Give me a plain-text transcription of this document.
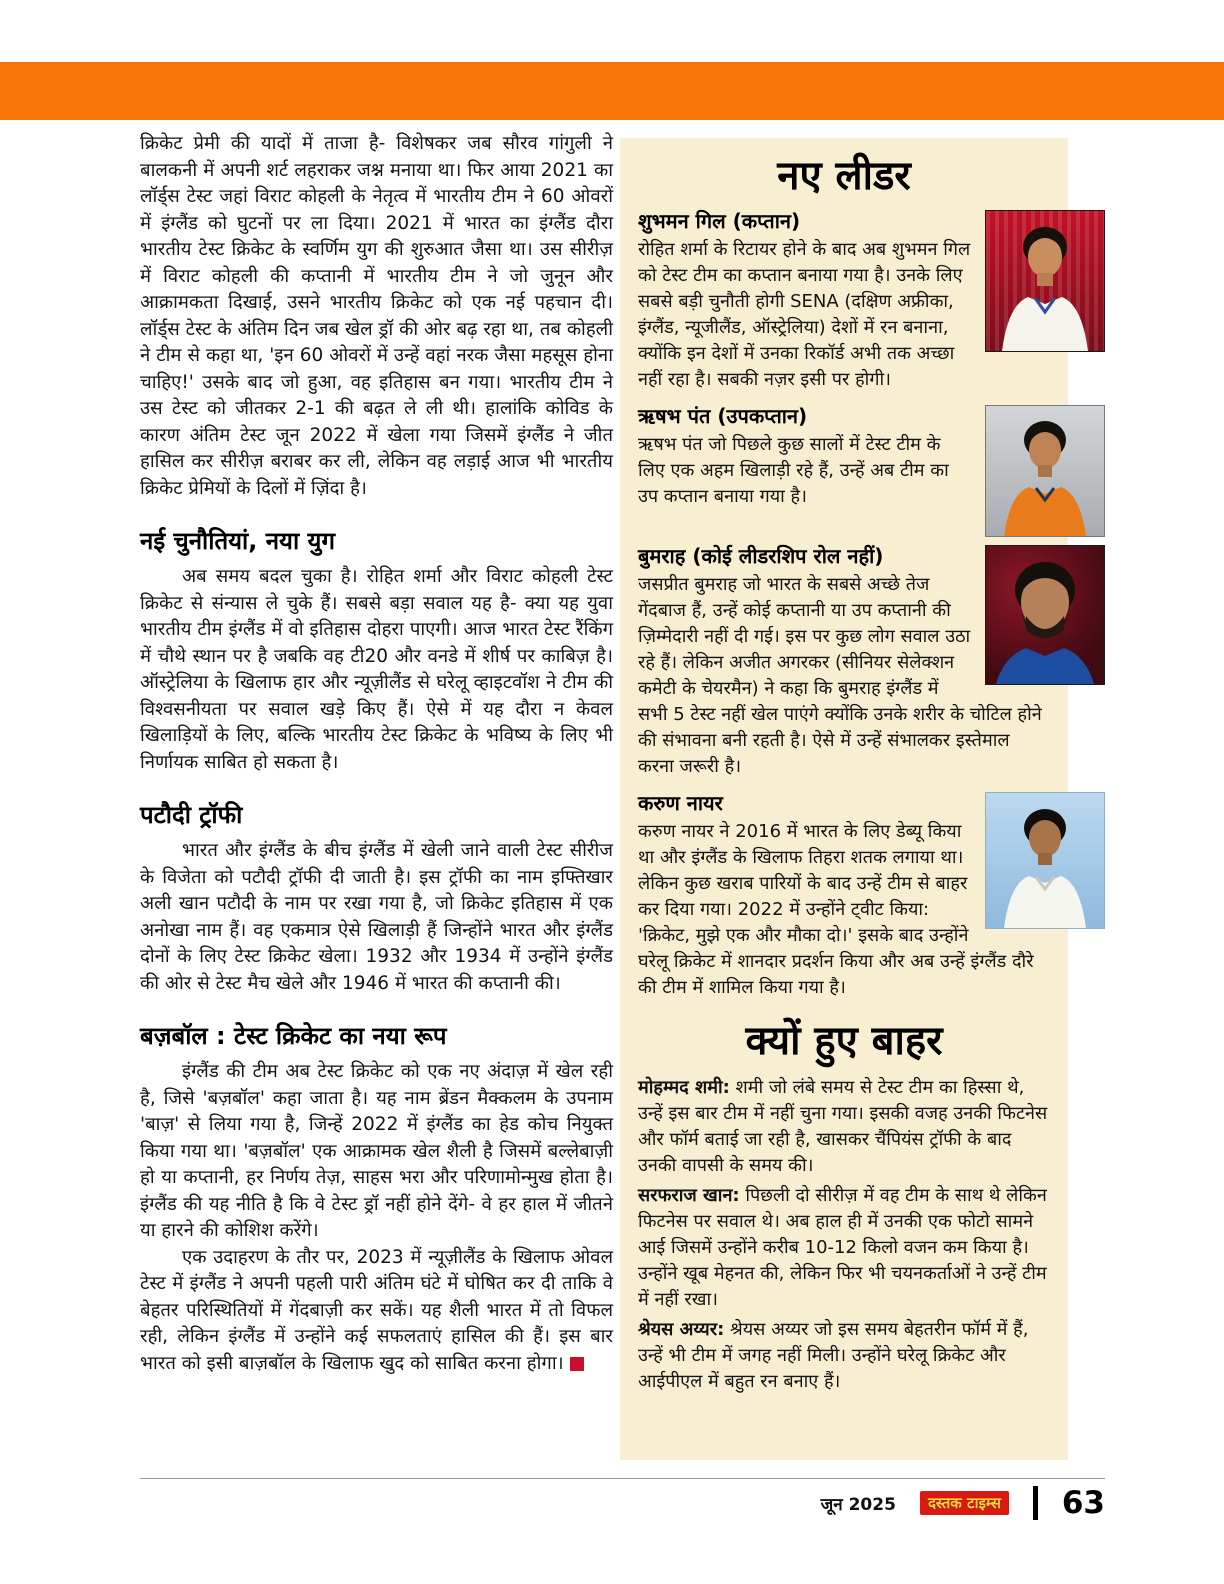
क्रिकेट प्रेमी की यादों में ताजा है- विशेषकर जब सौरव गांगुली ने बालकनी में अपनी शर्ट लहराकर जश्न मनाया था। फिर आया 2021 का लॉर्ड्स टेस्ट जहां विराट कोहली के नेतृत्व में भारतीय टीम ने 60 ओवरों में इंग्लैंड को घुटनों पर ला दिया। 2021 में भारत का इंग्लैंड दौरा भारतीय टेस्ट क्रिकेट के स्वर्णिम युग की शुरुआत जैसा था। उस सीरीज़ में विराट कोहली की कप्तानी में भारतीय टीम ने जो जुनून और आक्रामकता दिखाई, उसने भारतीय क्रिकेट को एक नई पहचान दी। लॉर्ड्स टेस्ट के अंतिम दिन जब खेल ड्रॉ की ओर बढ़ रहा था, तब कोहली ने टीम से कहा था, 'इन 60 ओवरों में उन्हें वहां नरक जैसा महसूस होना चाहिए!' उसके बाद जो हुआ, वह इतिहास बन गया। भारतीय टीम ने उस टेस्ट को जीतकर 2-1 की बढ़त ले ली थी। हालांकि कोविड के कारण अंतिम टेस्ट जून 2022 में खेला गया जिसमें इंग्लैंड ने जीत हासिल कर सीरीज़ बराबर कर ली, लेकिन वह लड़ाई आज भी भारतीय क्रिकेट प्रेमियों के दिलों में ज़िंदा है।

नई चुनौतियां, नया युग

अब समय बदल चुका है। रोहित शर्मा और विराट कोहली टेस्ट क्रिकेट से संन्यास ले चुके हैं। सबसे बड़ा सवाल यह है- क्या यह युवा भारतीय टीम इंग्लैंड में वो इतिहास दोहरा पाएगी। आज भारत टेस्ट रैंकिंग में चौथे स्थान पर है जबकि वह टी20 और वनडे में शीर्ष पर काबिज़ है। ऑस्ट्रेलिया के खिलाफ हार और न्यूज़ीलैंड से घरेलू व्हाइटवॉश ने टीम की विश्वसनीयता पर सवाल खड़े किए हैं। ऐसे में यह दौरा न केवल खिलाड़ियों के लिए, बल्कि भारतीय टेस्ट क्रिकेट के भविष्य के लिए भी निर्णायक साबित हो सकता है।

पटौदी ट्रॉफी

भारत और इंग्लैंड के बीच इंग्लैंड में खेली जाने वाली टेस्ट सीरीज के विजेता को पटौदी ट्रॉफी दी जाती है। इस ट्रॉफी का नाम इफ्तिखार अली खान पटौदी के नाम पर रखा गया है, जो क्रिकेट इतिहास में एक अनोखा नाम हैं। वह एकमात्र ऐसे खिलाड़ी हैं जिन्होंने भारत और इंग्लैंड दोनों के लिए टेस्ट क्रिकेट खेला। 1932 और 1934 में उन्होंने इंग्लैंड की ओर से टेस्ट मैच खेले और 1946 में भारत की कप्तानी की।

बज़बॉल : टेस्ट क्रिकेट का नया रूप

इंग्लैंड की टीम अब टेस्ट क्रिकेट को एक नए अंदाज़ में खेल रही है, जिसे 'बज़बॉल' कहा जाता है। यह नाम ब्रेंडन मैक्कलम के उपनाम 'बाज़' से लिया गया है, जिन्हें 2022 में इंग्लैंड का हेड कोच नियुक्त किया गया था। 'बज़बॉल' एक आक्रामक खेल शैली है जिसमें बल्लेबाज़ी हो या कप्तानी, हर निर्णय तेज़, साहस भरा और परिणामोन्मुख होता है। इंग्लैंड की यह नीति है कि वे टेस्ट ड्रॉ नहीं होने देंगे- वे हर हाल में जीतने या हारने की कोशिश करेंगे।

एक उदाहरण के तौर पर, 2023 में न्यूज़ीलैंड के खिलाफ ओवल टेस्ट में इंग्लैंड ने अपनी पहली पारी अंतिम घंटे में घोषित कर दी ताकि वे बेहतर परिस्थितियों में गेंदबाज़ी कर सकें। यह शैली भारत में तो विफल रही, लेकिन इंग्लैंड में उन्होंने कई सफलताएं हासिल की हैं। इस बार भारत को इसी बाज़बॉल के खिलाफ खुद को साबित करना होगा।

नए लीडर
शुभमन गिल (कप्तान)

रोहित शर्मा के रिटायर होने के बाद अब शुभमन गिल को टेस्ट टीम का कप्तान बनाया गया है। उनके लिए सबसे बड़ी चुनौती होगी SENA (दक्षिण अफ्रीका, इंग्लैंड, न्यूजीलैंड, ऑस्ट्रेलिया) देशों में रन बनाना, क्योंकि इन देशों में उनका रिकॉर्ड अभी तक अच्छा नहीं रहा है। सबकी नज़र इसी पर होगी।

ऋषभ पंत (उपकप्तान)

ऋषभ पंत जो पिछले कुछ सालों में टेस्ट टीम के लिए एक अहम खिलाड़ी रहे हैं, उन्हें अब टीम का उप कप्तान बनाया गया है।

बुमराह (कोई लीडरशिप रोल नहीं)

जसप्रीत बुमराह जो भारत के सबसे अच्छे तेज गेंदबाज हैं, उन्हें कोई कप्तानी या उप कप्तानी की ज़िम्मेदारी नहीं दी गई। इस पर कुछ लोग सवाल उठा रहे हैं। लेकिन अजीत अगरकर (सीनियर सेलेक्शन कमेटी के चेयरमैन) ने कहा कि बुमराह इंग्लैंड में सभी 5 टेस्ट नहीं खेल पाएंगे क्योंकि उनके शरीर के चोटिल होने की संभावना बनी रहती है। ऐसे में उन्हें संभालकर इस्तेमाल करना जरूरी है।

करुण नायर

करुण नायर ने 2016 में भारत के लिए डेब्यू किया था और इंग्लैंड के खिलाफ तिहरा शतक लगाया था। लेकिन कुछ खराब पारियों के बाद उन्हें टीम से बाहर कर दिया गया। 2022 में उन्होंने ट्वीट किया: 'क्रिकेट, मुझे एक और मौका दो।' इसके बाद उन्होंने घरेलू क्रिकेट में शानदार प्रदर्शन किया और अब उन्हें इंग्लैंड दौरे की टीम में शामिल किया गया है।

क्यों हुए बाहर

मोहम्मद शमी: शमी जो लंबे समय से टेस्ट टीम का हिस्सा थे, उन्हें इस बार टीम में नहीं चुना गया। इसकी वजह उनकी फिटनेस और फॉर्म बताई जा रही है, खासकर चैंपियंस ट्रॉफी के बाद उनकी वापसी के समय की।

सरफराज खान: पिछली दो सीरीज़ में वह टीम के साथ थे लेकिन फिटनेस पर सवाल थे। अब हाल ही में उनकी एक फोटो सामने आई जिसमें उन्होंने करीब 10-12 किलो वजन कम किया है। उन्होंने खूब मेहनत की, लेकिन फिर भी चयनकर्ताओं ने उन्हें टीम में नहीं रखा।

श्रेयस अय्यर: श्रेयस अय्यर जो इस समय बेहतरीन फॉर्म में हैं, उन्हें भी टीम में जगह नहीं मिली। उन्होंने घरेलू क्रिकेट और आईपीएल में बहुत रन बनाए हैं।

जून 2025	दस्तक टाइम्स 63
